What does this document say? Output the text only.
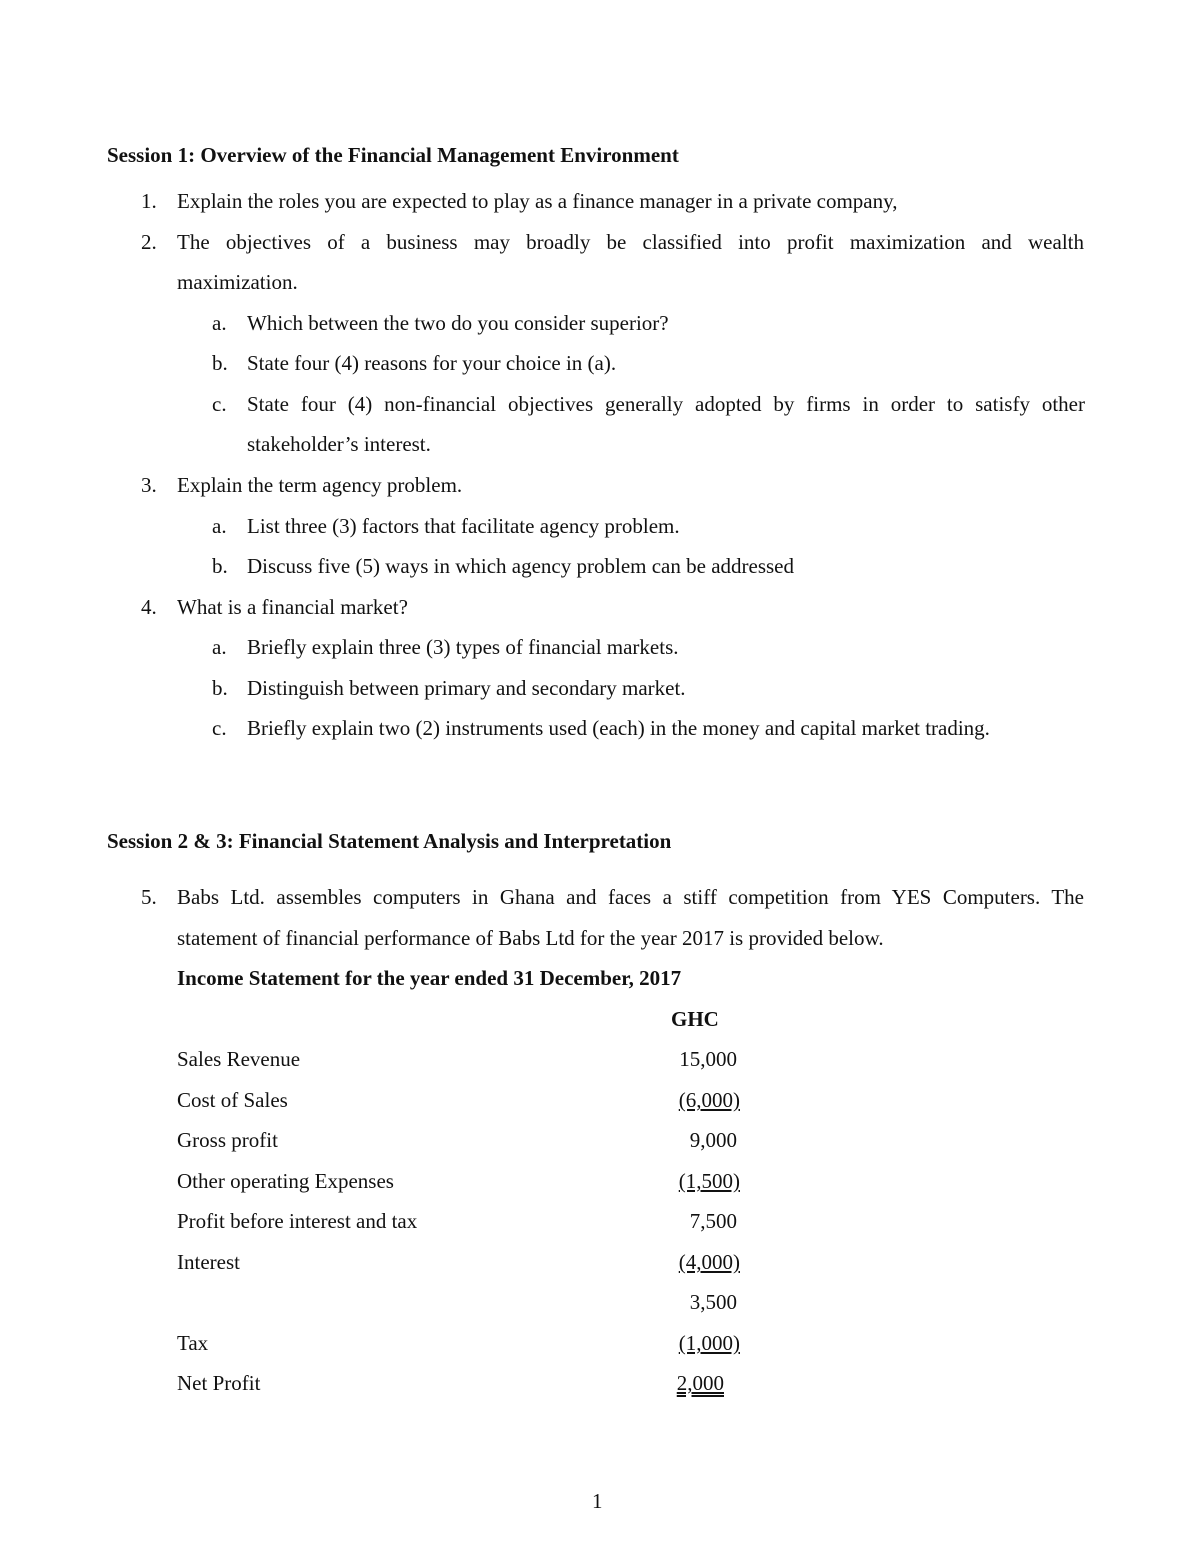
Session 1: Overview of the Financial Management Environment
1. Explain the roles you are expected to play as a finance manager in a private company,
2. The objectives of a business may broadly be classified into profit maximization and wealth
maximization.
a. Which between the two do you consider superior?
b. State four (4) reasons for your choice in (a).
c. State four (4) non-financial objectives generally adopted by firms in order to satisfy other
stakeholder’s interest.
3. Explain the term agency problem.
a. List three (3) factors that facilitate agency problem.
b. Discuss five (5) ways in which agency problem can be addressed
4. What is a financial market?
a. Briefly explain three (3) types of financial markets.
b. Distinguish between primary and secondary market.
c. Briefly explain two (2) instruments used (each) in the money and capital market trading.
Session 2 & 3: Financial Statement Analysis and Interpretation
5. Babs Ltd. assembles computers in Ghana and faces a stiff competition from YES Computers. The
statement of financial performance of Babs Ltd for the year 2017 is provided below.
Income Statement for the year ended 31 December, 2017
GHC
Sales Revenue	15,000
Cost of Sales	(6,000)
Gross profit	9,000
Other operating Expenses	(1,500)
Profit before interest and tax	7,500
Interest	(4,000)
3,500
Tax	(1,000)
Net Profit	2,000
1
